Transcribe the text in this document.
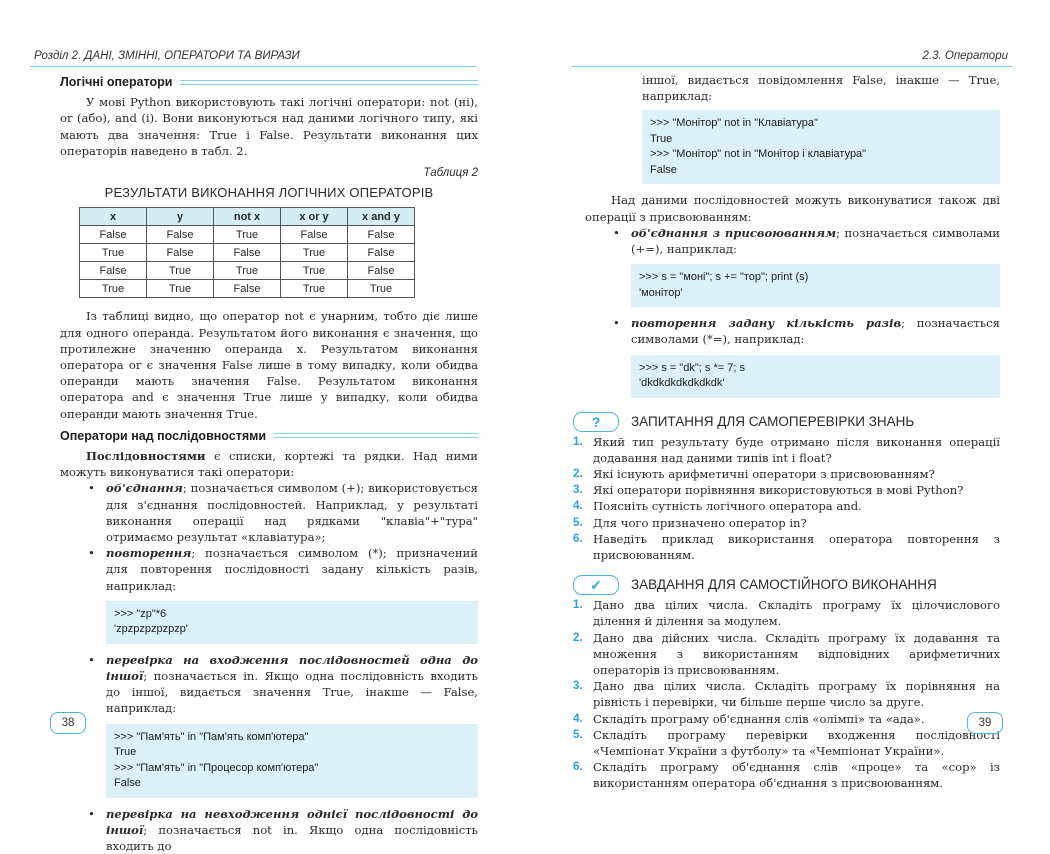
Розділ 2. ДАНІ, ЗМІННІ, ОПЕРАТОРИ ТА ВИРАЗИ
Логічні оператори

У мові Python використовують такі логічні оператори: not (ні), or (або), and (і). Вони виконуються над даними логічного типу, які мають два значення: True і False. Результати виконання цих операторів наведено в табл. 2.

Таблиця 2
РЕЗУЛЬТАТИ ВИКОНАННЯ ЛОГІЧНИХ ОПЕРАТОРІВ
x	y	not x	x or y	x and y
False	False	True	False	False
True	False	False	True	False
False	True	True	True	False
True	True	False	True	True

Із таблиці видно, що оператор not є унарним, тобто діє лише для одного операнда. Результатом його виконання є значення, що протилежне значенню операнда x. Результатом виконання оператора or є значення False лише в тому випадку, коли обидва операнди мають значення False. Результатом виконання оператора and є значення True лише у випадку, коли обидва операнди мають значення True.

Оператори над послідовностями

Послідовностями є списки, кортежі та рядки. Над ними можуть виконуватися такі оператори:

• об'єднання; позначається символом (+); використовується для з'єднання послідовностей. Наприклад, у результаті виконання операції над рядками "клавіа"+"тура" отримаємо результат «клавіатура»;
• повторення; позначається символом (*); призначений для повторення послідовності задану кількість разів, наприклад:
>>> "zp"*6
'zpzpzpzpzpzp'
• перевірка на входження послідовностей одна до іншої; позначається in. Якщо одна послідовність входить до іншої, видається значення True, інакше — False, наприклад:
>>> "Пам'ять" in "Пам'ять комп'ютера"
True
>>> "Пам'ять" in "Процесор комп'ютера"
False
• перевірка на невходження однієї послідовності до іншої; позначається not in. Якщо одна послідовність входить до
38
2.3. Оператори

іншої, видається повідомлення False, інакше — True, наприклад:

>>> "Монітор" not in "Клавіатура"
True
>>> "Монітор" not in "Монітор і клавіатура"
False

Над даними послідовностей можуть виконуватися також дві операції з присвоюванням:

• об'єднання з присвоюванням; позначається символами (+=), наприклад:
>>> s = "моні"; s += "тор"; print (s)
'монітор'
• повторення задану кількість разів; позначається символами (*=), наприклад:
>>> s = "dk"; s *= 7; s
'dkdkdkdkdkdkdk'
?	ЗАПИТАННЯ ДЛЯ САМОПЕРЕВІРКИ ЗНАНЬ
1. Який тип результату буде отримано після виконання операції додавання над даними типів int і float?
2. Які існують арифметичні оператори з присвоюванням?
3. Які оператори порівняння використовуються в мові Python?
4. Поясніть сутність логічного оператора and.
5. Для чого призначено оператор in?
6. Наведіть приклад використання оператора повторення з присвоюванням.
✓	ЗАВДАННЯ ДЛЯ САМОСТІЙНОГО ВИКОНАННЯ
1. Дано два цілих числа. Складіть програму їх цілочислового ділення й ділення за модулем.
2. Дано два дійсних числа. Складіть програму їх додавання та множення з використанням відповідних арифметичних операторів із присвоюванням.
3. Дано два цілих числа. Складіть програму їх порівняння на рівність і перевірки, чи більше перше число за друге.
4. Складіть програму об'єднання слів «олімпі» та «ада».
5. Складіть програму перевірки входження послідовності «Чемпіонат України з футболу» та «Чемпіонат України».
6. Складіть програму об'єднання слів «проце» та «сор» із використанням оператора об'єднання з присвоюванням.
39
